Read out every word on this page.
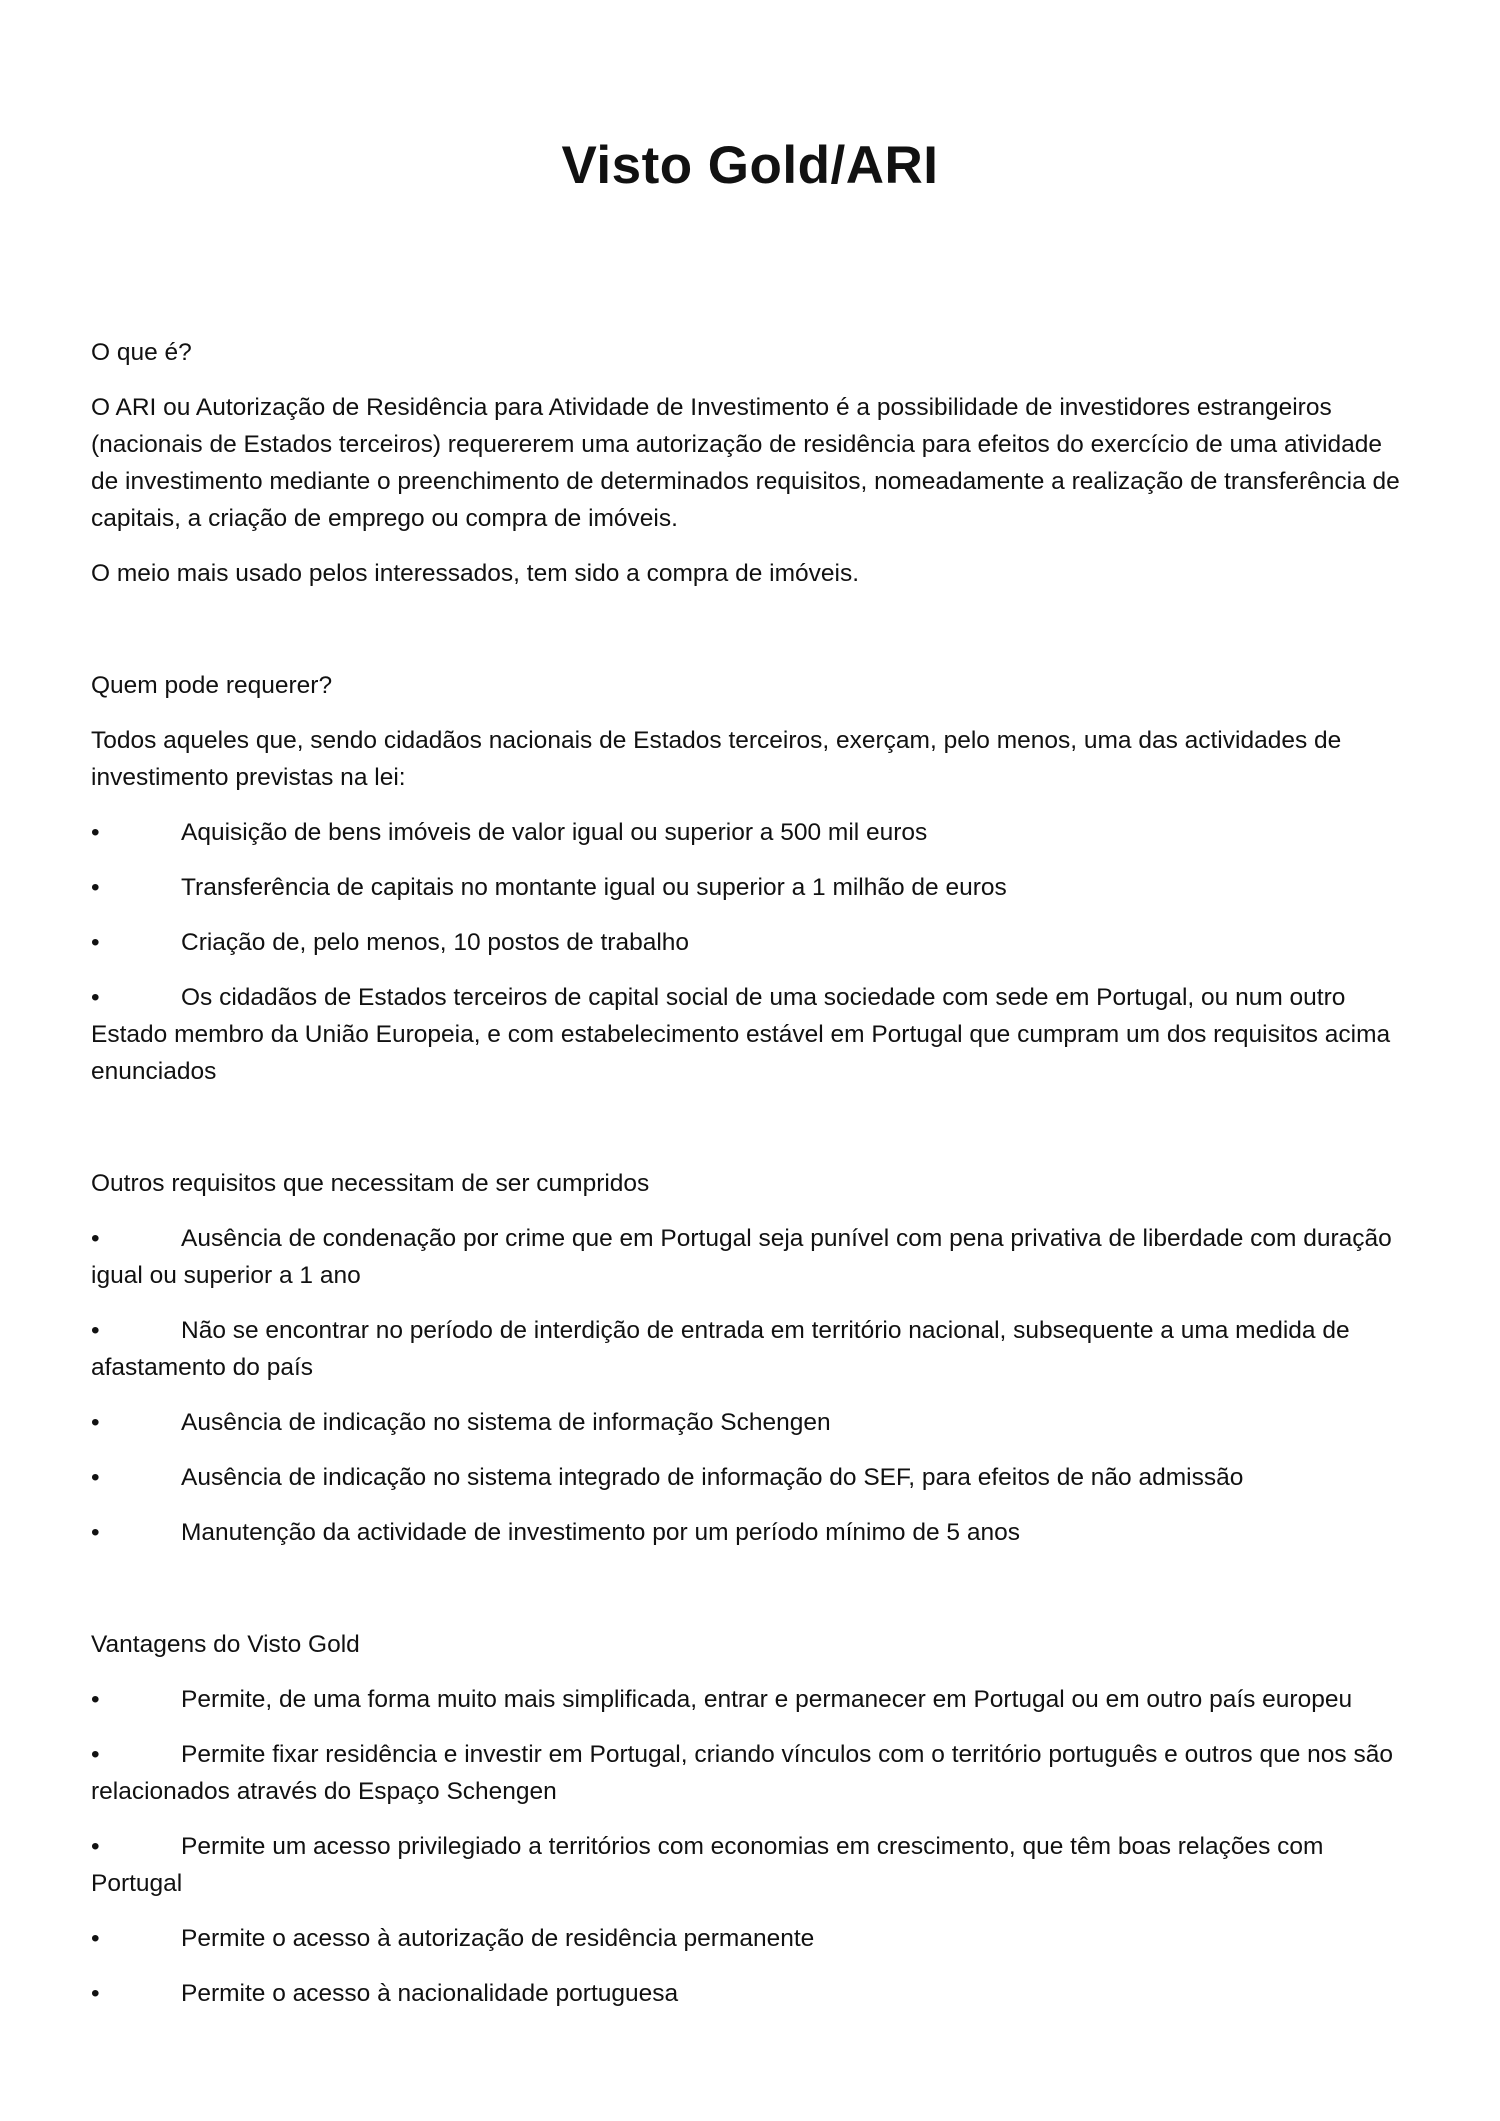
Visto Gold/ARI

O que é?

O ARI ou Autorização de Residência para Atividade de Investimento é a possibilidade de investidores estrangeiros (nacionais de Estados terceiros) requererem uma autorização de residência para efeitos do exercício de uma atividade de investimento mediante o preenchimento de determinados requisitos, nomeadamente a realização de transferência de capitais, a criação de emprego ou compra de imóveis.

O meio mais usado pelos interessados, tem sido a compra de imóveis.

Quem pode requerer?

Todos aqueles que, sendo cidadãos nacionais de Estados terceiros, exerçam, pelo menos, uma das actividades de investimento previstas na lei:

•	Aquisição de bens imóveis de valor igual ou superior a 500 mil euros

•	Transferência de capitais no montante igual ou superior a 1 milhão de euros

•	Criação de, pelo menos, 10 postos de trabalho

•	Os cidadãos de Estados terceiros de capital social de uma sociedade com sede em Portugal, ou num outro Estado membro da União Europeia, e com estabelecimento estável em Portugal que cumpram um dos requisitos acima enunciados

Outros requisitos que necessitam de ser cumpridos

•	Ausência de condenação por crime que em Portugal seja punível com pena privativa de liberdade com duração igual ou superior a 1 ano

•	Não se encontrar no período de interdição de entrada em território nacional, subsequente a uma medida de afastamento do país

•	Ausência de indicação no sistema de informação Schengen

•	Ausência de indicação no sistema integrado de informação do SEF, para efeitos de não admissão

•	Manutenção da actividade de investimento por um período mínimo de 5 anos

Vantagens do Visto Gold

•	Permite, de uma forma muito mais simplificada, entrar e permanecer em Portugal ou em outro país europeu

•	Permite fixar residência e investir em Portugal, criando vínculos com o território português e outros que nos são relacionados através do Espaço Schengen

•	Permite um acesso privilegiado a territórios com economias em crescimento, que têm boas relações com Portugal

•	Permite o acesso à autorização de residência permanente

•	Permite o acesso à nacionalidade portuguesa
